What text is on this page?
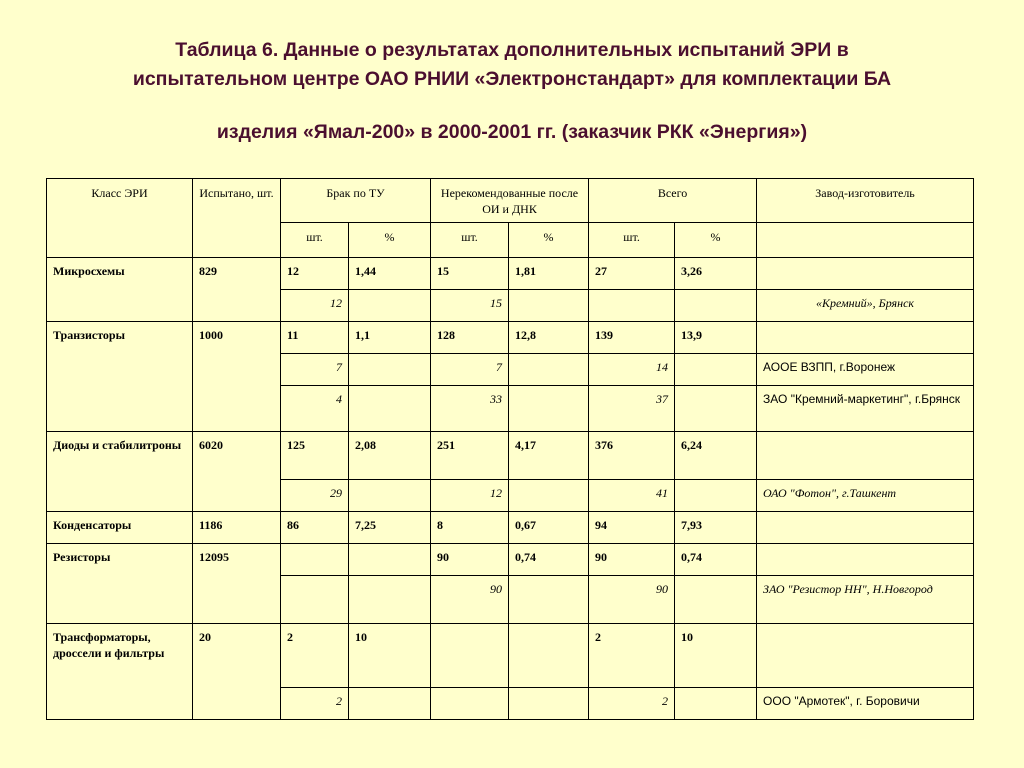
Таблица 6. Данные о результатах дополнительных испытаний ЭРИ в
испытательном центре ОАО РНИИ «Электронстандарт» для комплектации БА
изделия «Ямал-200» в 2000-2001 гг. (заказчик РКК «Энергия»)
Класс ЭРИ	Испытано, шт.	Брак по ТУ		Нерекомендованные после ОИ и ДНК		Всего		Завод-изготовитель
		шт.	%	шт.	%	шт.	%	
Микросхемы	829	12	1,44	15	1,81	27	3,26	
		12		15				«Кремний», Брянск
Транзисторы	1000	11	1,1	128	12,8	139	13,9	
		7		7		14		АООЕ ВЗПП, г.Воронеж
		4		33		37		ЗАО "Кремний-маркетинг", г.Брянск
Диоды и стабилитроны	6020	125	2,08	251	4,17	376	6,24	
		29		12		41		ОАО "Фотон", г.Ташкент
Конденсаторы	1186	86	7,25	8	0,67	94	7,93	
Резисторы	12095			90	0,74	90	0,74	
				90		90		ЗАО "Резистор НН", Н.Новгород
Трансформаторы, дроссели и фильтры	20	2	10			2	10	
		2				2		ООО "Армотек", г. Боровичи
